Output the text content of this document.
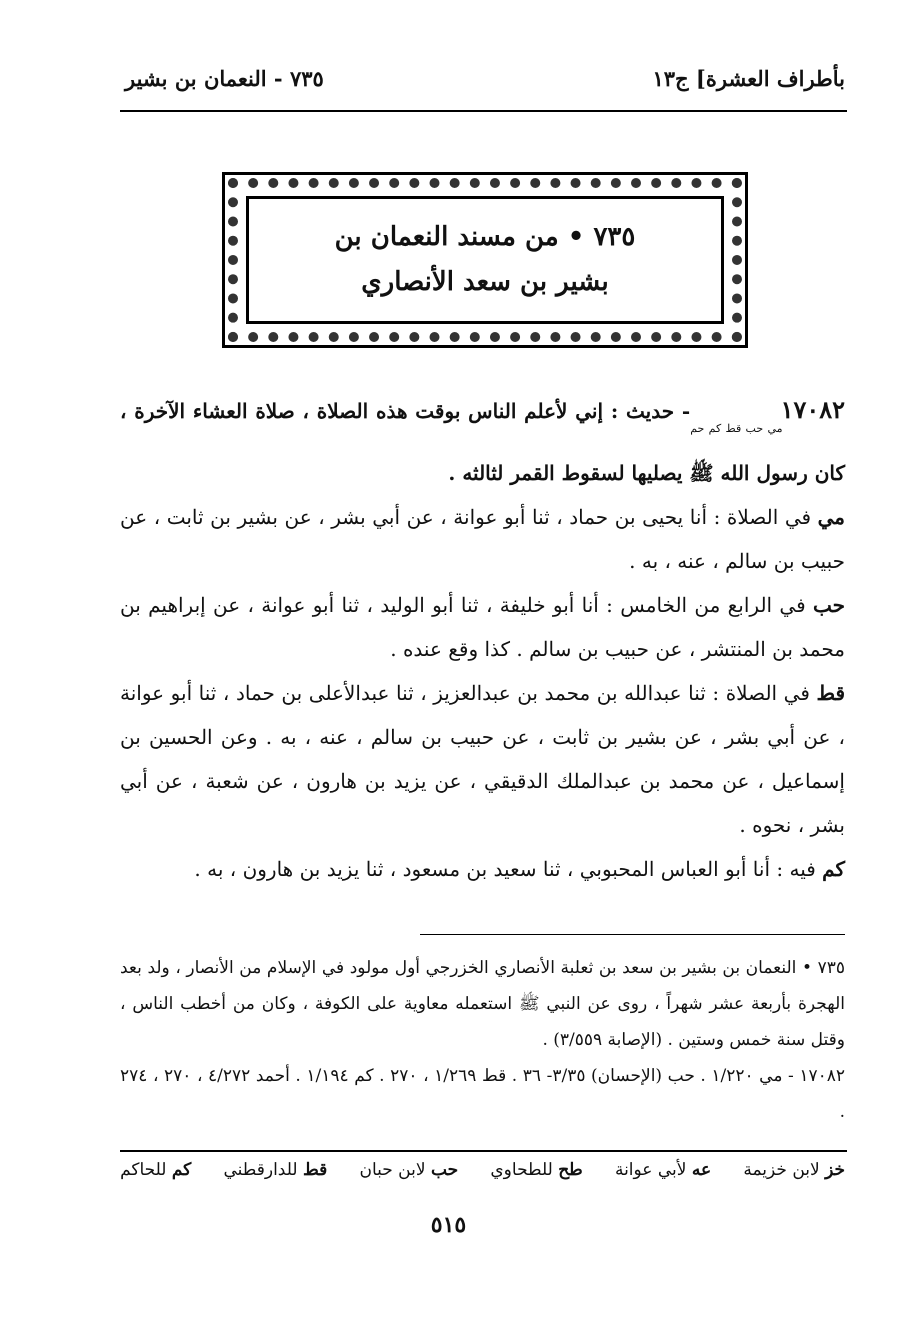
بأطراف العشرة] ج١٣
٧٣٥ - النعمان بن بشير
٧٣٥ • من مسند النعمان بن
بشير بن سعد الأنصاري

$١٧٠٨٢_{مي حب قط كم حم}-$ حديث : إني لأعلم الناس بوقت هذه الصلاة ، صلاة العشاء الآخرة ، كان رسول الله ﷺ يصليها لسقوط القمر لثالثه .

مي في الصلاة : أنا يحيى بن حماد ، ثنا أبو عوانة ، عن أبي بشر ، عن بشير بن ثابت ، عن حبيب بن سالم ، عنه ، به .

حب في الرابع من الخامس : أنا أبو خليفة ، ثنا أبو الوليد ، ثنا أبو عوانة ، عن إبراهيم بن محمد بن المنتشر ، عن حبيب بن سالم . كذا وقع عنده .

قط في الصلاة : ثنا عبدالله بن محمد بن عبدالعزيز ، ثنا عبدالأعلى بن حماد ، ثنا أبو عوانة ، عن أبي بشر ، عن بشير بن ثابت ، عن حبيب بن سالم ، عنه ، به . وعن الحسين بن إسماعيل ، عن محمد بن عبدالملك الدقيقي ، عن يزيد بن هارون ، عن شعبة ، عن أبي بشر ، نحوه .

كم فيه : أنا أبو العباس المحبوبي ، ثنا سعيد بن مسعود ، ثنا يزيد بن هارون ، به .

٧٣٥ • النعمان بن بشير بن سعد بن ثعلبة الأنصاري الخزرجي أول مولود في الإسلام من الأنصار ، ولد بعد الهجرة بأربعة عشر شهراً ، روى عن النبي ﷺ استعمله معاوية على الكوفة ، وكان من أخطب الناس ، وقتل سنة خمس وستين . (الإصابة ٣/٥٥٩) .

١٧٠٨٢ - مي ١/٢٢٠ . حب (الإحسان) ٣/٣٥- ٣٦ . قط ١/٢٦٩ ، ٢٧٠ . كم ١/١٩٤ . أحمد ٤/٢٧٢ ، ٢٧٠ ، ٢٧٤ .

خز لابن خزيمة
عه لأبي عوانة
طح للطحاوي
حب لابن حبان
قط للدارقطني
كم للحاكم
٥١٥
